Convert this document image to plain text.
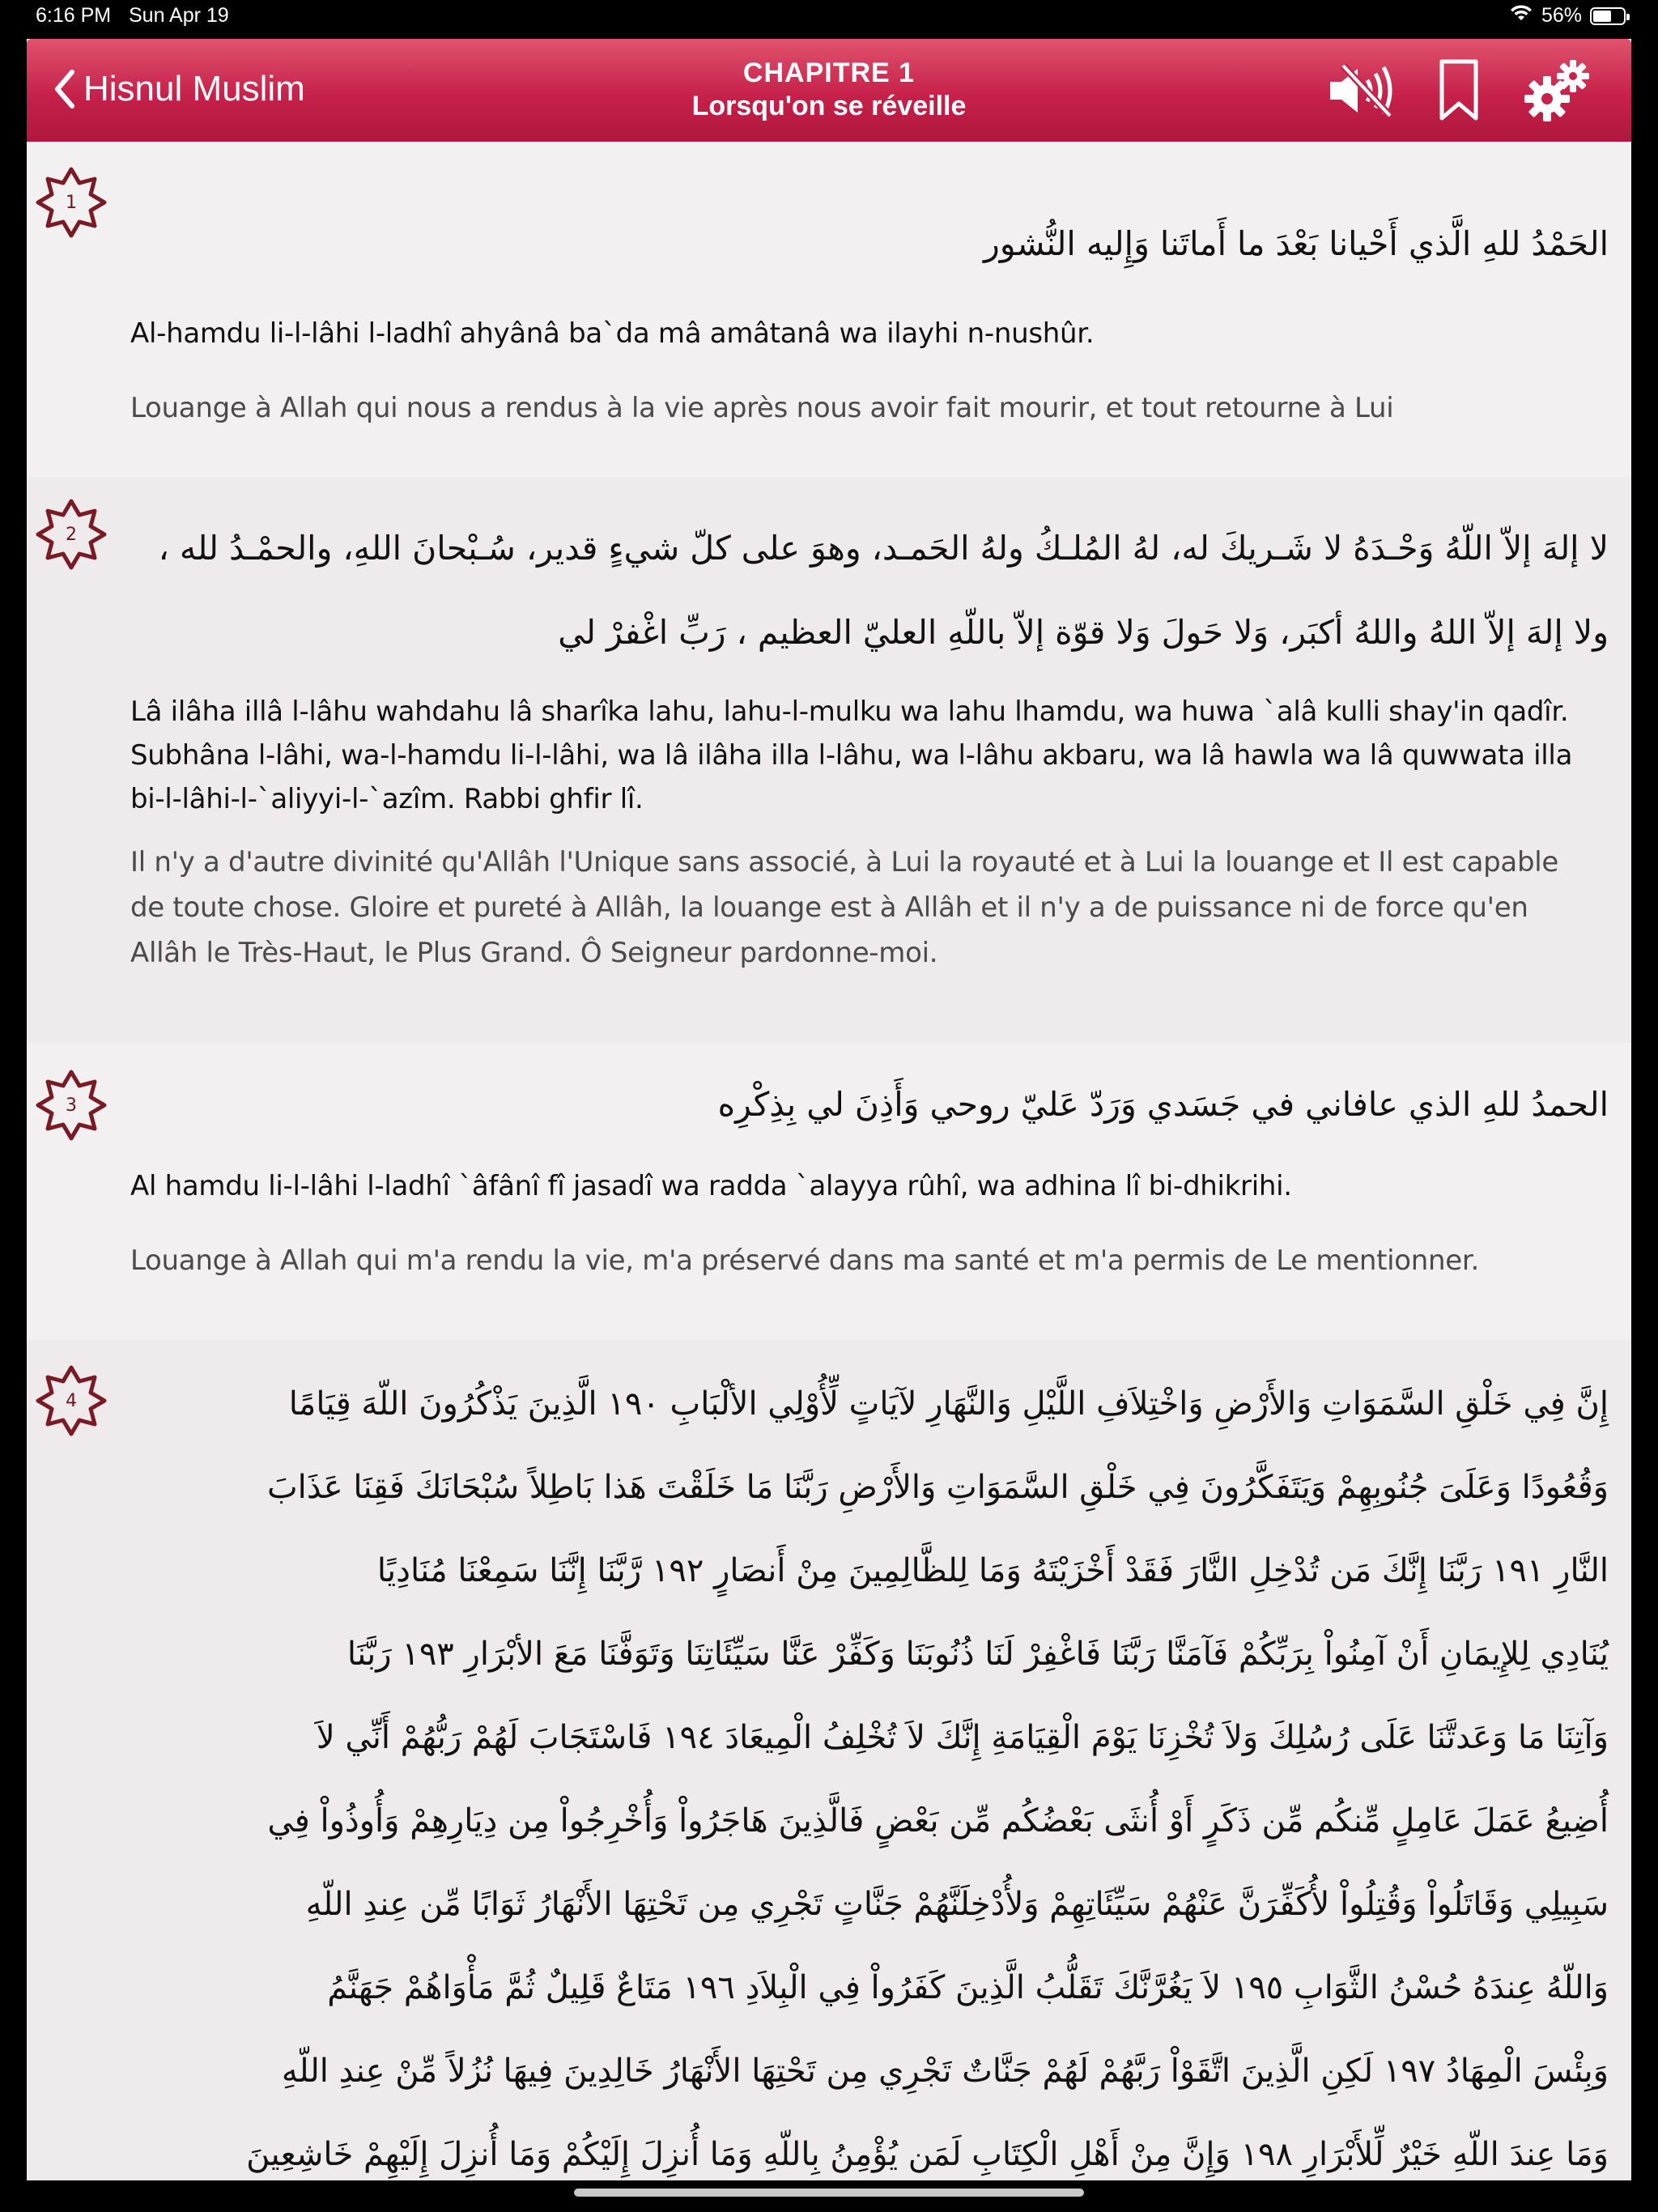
6:16 PM Sun Apr 19	56%
Hisnul Muslim	CHAPITRE 1
Lorsqu'on se réveille
1
الحَمْدُ للهِ الَّذي أَحْيانا بَعْدَ ما أَماتَنا وَإِليه النُّشور
Al-hamdu li-l-lâhi l-ladhî ahyânâ ba`da mâ amâtanâ wa ilayhi n-nushûr.
Louange à Allah qui nous a rendus à la vie après nous avoir fait mourir, et tout retourne à Lui
2	لا إلهَ إلاّ اللّهُ وَحْـدَهُ لا شَـريكَ له، لهُ المُلـكُ ولهُ الحَمـد، وهوَ على كلّ شيءٍ قدير، سُـبْحانَ اللهِ، والحمْـدُ لله ، ولا إلهَ إلاّ اللهُ واللهُ أكبَر، وَلا حَولَ وَلا قوّة إلاّ باللّهِ العليّ العظيم ، رَبِّ اغْفرْ لي
Lâ ilâha illâ l-lâhu wahdahu lâ sharîka lahu, lahu-l-mulku wa lahu lhamdu, wa huwa `alâ kulli shay'in qadîr. Subhâna l-lâhi, wa-l-hamdu li-l-lâhi, wa lâ ilâha illa l-lâhu, wa l-lâhu akbaru, wa lâ hawla wa lâ quwwata illa bi-l-lâhi-l-`aliyyi-l-`azîm. Rabbi ghfir lî.
Il n'y a d'autre divinité qu'Allâh l'Unique sans associé, à Lui la royauté et à Lui la louange et Il est capable de toute chose. Gloire et pureté à Allâh, la louange est à Allâh et il n'y a de puissance ni de force qu'en Allâh le Très-Haut, le Plus Grand. Ô Seigneur pardonne-moi.
3	الحمدُ للهِ الذي عافاني في جَسَدي وَرَدّ عَليّ روحي وَأَذِنَ لي بِذِكْرِه
Al hamdu li-l-lâhi l-ladhî `âfânî fî jasadî wa radda `alayya rûhî, wa adhina lî bi-dhikrihi.
Louange à Allah qui m'a rendu la vie, m'a préservé dans ma santé et m'a permis de Le mentionner.
4	إِنَّ فِي خَلْقِ السَّمَوَاتِ وَالأَرْضِ وَاخْتِلاَفِ اللَّيْلِ وَالنَّهَارِ لآيَاتٍ لِّأُوْلِي الألْبَابِ ١٩٠ الَّذِينَ يَذْكُرُونَ اللّهَ قِيَامًا
وَقُعُودًا وَعَلَىَ جُنُوبِهِمْ وَيَتَفَكَّرُونَ فِي خَلْقِ السَّمَوَاتِ وَالأَرْضِ رَبَّنَا مَا خَلَقْتَ هَذا بَاطِلاً سُبْحَانَكَ فَقِنَا عَذَابَ
النَّارِ ١٩١ رَبَّنَا إِنَّكَ مَن تُدْخِلِ النَّارَ فَقَدْ أَخْزَيْتَهُ وَمَا لِلظَّالِمِينَ مِنْ أَنصَارٍ ١٩٢ رَّبَّنَا إِنَّنَا سَمِعْنَا مُنَادِيًا
يُنَادِي لِلإِيمَانِ أَنْ آمِنُواْ بِرَبِّكُمْ فَآمَنَّا رَبَّنَا فَاغْفِرْ لَنَا ذُنُوبَنَا وَكَفِّرْ عَنَّا سَيِّئَاتِنَا وَتَوَفَّنَا مَعَ الأبْرَارِ ١٩٣ رَبَّنَا
وَآتِنَا مَا وَعَدتَّنَا عَلَى رُسُلِكَ وَلاَ تُخْزِنَا يَوْمَ الْقِيَامَةِ إِنَّكَ لاَ تُخْلِفُ الْمِيعَادَ ١٩٤ فَاسْتَجَابَ لَهُمْ رَبُّهُمْ أَنِّي لاَ
أُضِيعُ عَمَلَ عَامِلٍ مِّنكُم مِّن ذَكَرٍ أَوْ أُنثَى بَعْضُكُم مِّن بَعْضٍ فَالَّذِينَ هَاجَرُواْ وَأُخْرِجُواْ مِن دِيَارِهِمْ وَأُوذُواْ فِي
سَبِيلِي وَقَاتَلُواْ وَقُتِلُواْ لأُكَفِّرَنَّ عَنْهُمْ سَيِّئَاتِهِمْ وَلأُدْخِلَنَّهُمْ جَنَّاتٍ تَجْرِي مِن تَحْتِهَا الأَنْهَارُ ثَوَابًا مِّن عِندِ اللّهِ
وَاللّهُ عِندَهُ حُسْنُ الثَّوَابِ ١٩٥ لاَ يَغُرَّنَّكَ تَقَلُّبُ الَّذِينَ كَفَرُواْ فِي الْبِلاَدِ ١٩٦ مَتَاعٌ قَلِيلٌ ثُمَّ مَأْوَاهُمْ جَهَنَّمُ
وَبِئْسَ الْمِهَادُ ١٩٧ لَكِنِ الَّذِينَ اتَّقَوْاْ رَبَّهُمْ لَهُمْ جَنَّاتٌ تَجْرِي مِن تَحْتِهَا الأَنْهَارُ خَالِدِينَ فِيهَا نُزُلاً مِّنْ عِندِ اللّهِ
وَمَا عِندَ اللّهِ خَيْرٌ لِّلأَبْرَارِ ١٩٨ وَإِنَّ مِنْ أَهْلِ الْكِتَابِ لَمَن يُؤْمِنُ بِاللّهِ وَمَا أُنزِلَ إِلَيْكُمْ وَمَا أُنزِلَ إِلَيْهِمْ خَاشِعِينَ
